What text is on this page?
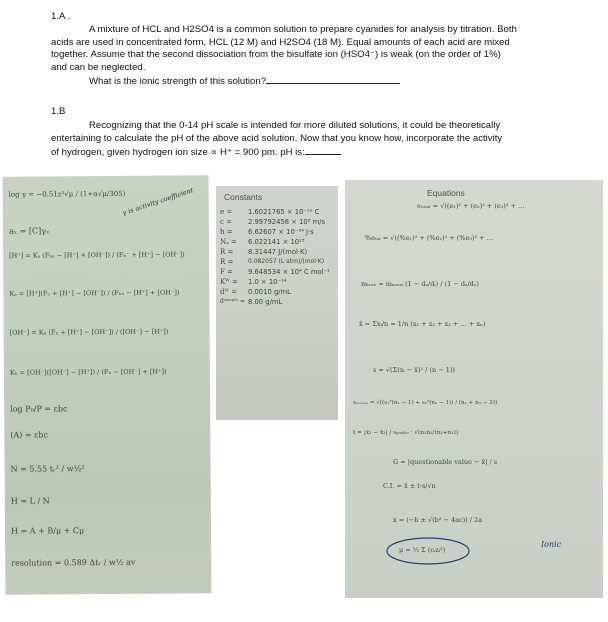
1.A .
A mixture of HCL and H2SO4 is a common solution to prepare cyanides for analysis by titration. Both
acids are used in concentrated form, HCL (12 M) and H2SO4 (18 M). Equal amounts of each acid are mixed
together. Assume that the second dissociation from the bisulfate ion (HSO4⁻) is weak (on the order of 1%)
and can be neglected.
What is the ionic strength of this solution?
1.B
Recognizing that the 0-14 pH scale is intended for more diluted solutions, it could be theoretically
entertaining to calculate the pH of the above acid solution. Now that you know how, incorporate the activity
of hydrogen, given hydrogen ion size ∝ H⁺ = 900 pm. pH is:
log γ = −0.51z²√μ / (1+α√μ/305)
γ is activity coefficient
aₓ = [C]γₓ
[H⁺] = Kₐ (Fₕₐ − [H⁺] + [OH⁻]) / (Fₐ⁻ + [H⁺] − [OH⁻])
Kₐ = [H⁺](Fₐ + [H⁺] − [OH⁻]) / (Fₕₐ − [H⁺] + [OH⁻])
[OH⁻] = Kₕ (Fₕ + [H⁺] − [OH⁻]) / ([OH⁻] − [H⁺])
Kₕ = [OH⁻]([OH⁻] − [H⁺]) / (Fₕ − [OH⁻] + [H⁺])
log P₀/P = εbc
(A) = εbc
N = 5.55 tᵣ² / w½²
H = L / N
H = A + B/μ + Cμ
resolution = 0.589 Δtᵣ / w½ av
Constants
e = 1.6021765 × 10⁻¹⁹ C
c = 2.99792458 × 10⁸ m/s
h = 6.62607 × 10⁻³⁴ J·s
Nₐ = 6.022141 × 10²³
R = 8.31447 J/(mol·K)
R = 0.082057 (L·atm)/(mol·K)
F = 9.648534 × 10⁴ C mol⁻¹
Kᵂ = 1.0 × 10⁻¹⁴
dᵂ = 0.0010 g/mL
dˢᵃᵐᵖˡᵉ = 8.00 g/mL
Equations
eₜₒₜₐₗ = √((e₁)² + (e₂)² + (e₃)² + …
%eₜₒₜ = √((%e₁)² + (%e₂)² + (%e₃)² + …
mₜᵣᵤₑ = mₘₑₐₛ (1 − dₐ/dᵢ) / (1 − dₐ/dₒ)
x̄ = Σxᵢ/n = 1/n (x₁ + x₂ + x₃ + … + xₙ)
s = √(Σ(xᵢ − x̄)² / (n − 1))
sₚₒₒₗₑₔ = √((s₁²(n₁ − 1) + s₂²(n₂ − 1)) / (n₁ + n₂ − 2))
t = |x̄₁ − x̄₂| / sₚₒₒₗₑₔ · √(n₁n₂/(n₁+n₂))
G = |questionable value − x̄| / s
C.I. = x̄ ± t·s/√n
x = (−b ± √(b² − 4ac)) / 2a
μ = ½ Σ (cᵢzᵢ²)
Ionic
